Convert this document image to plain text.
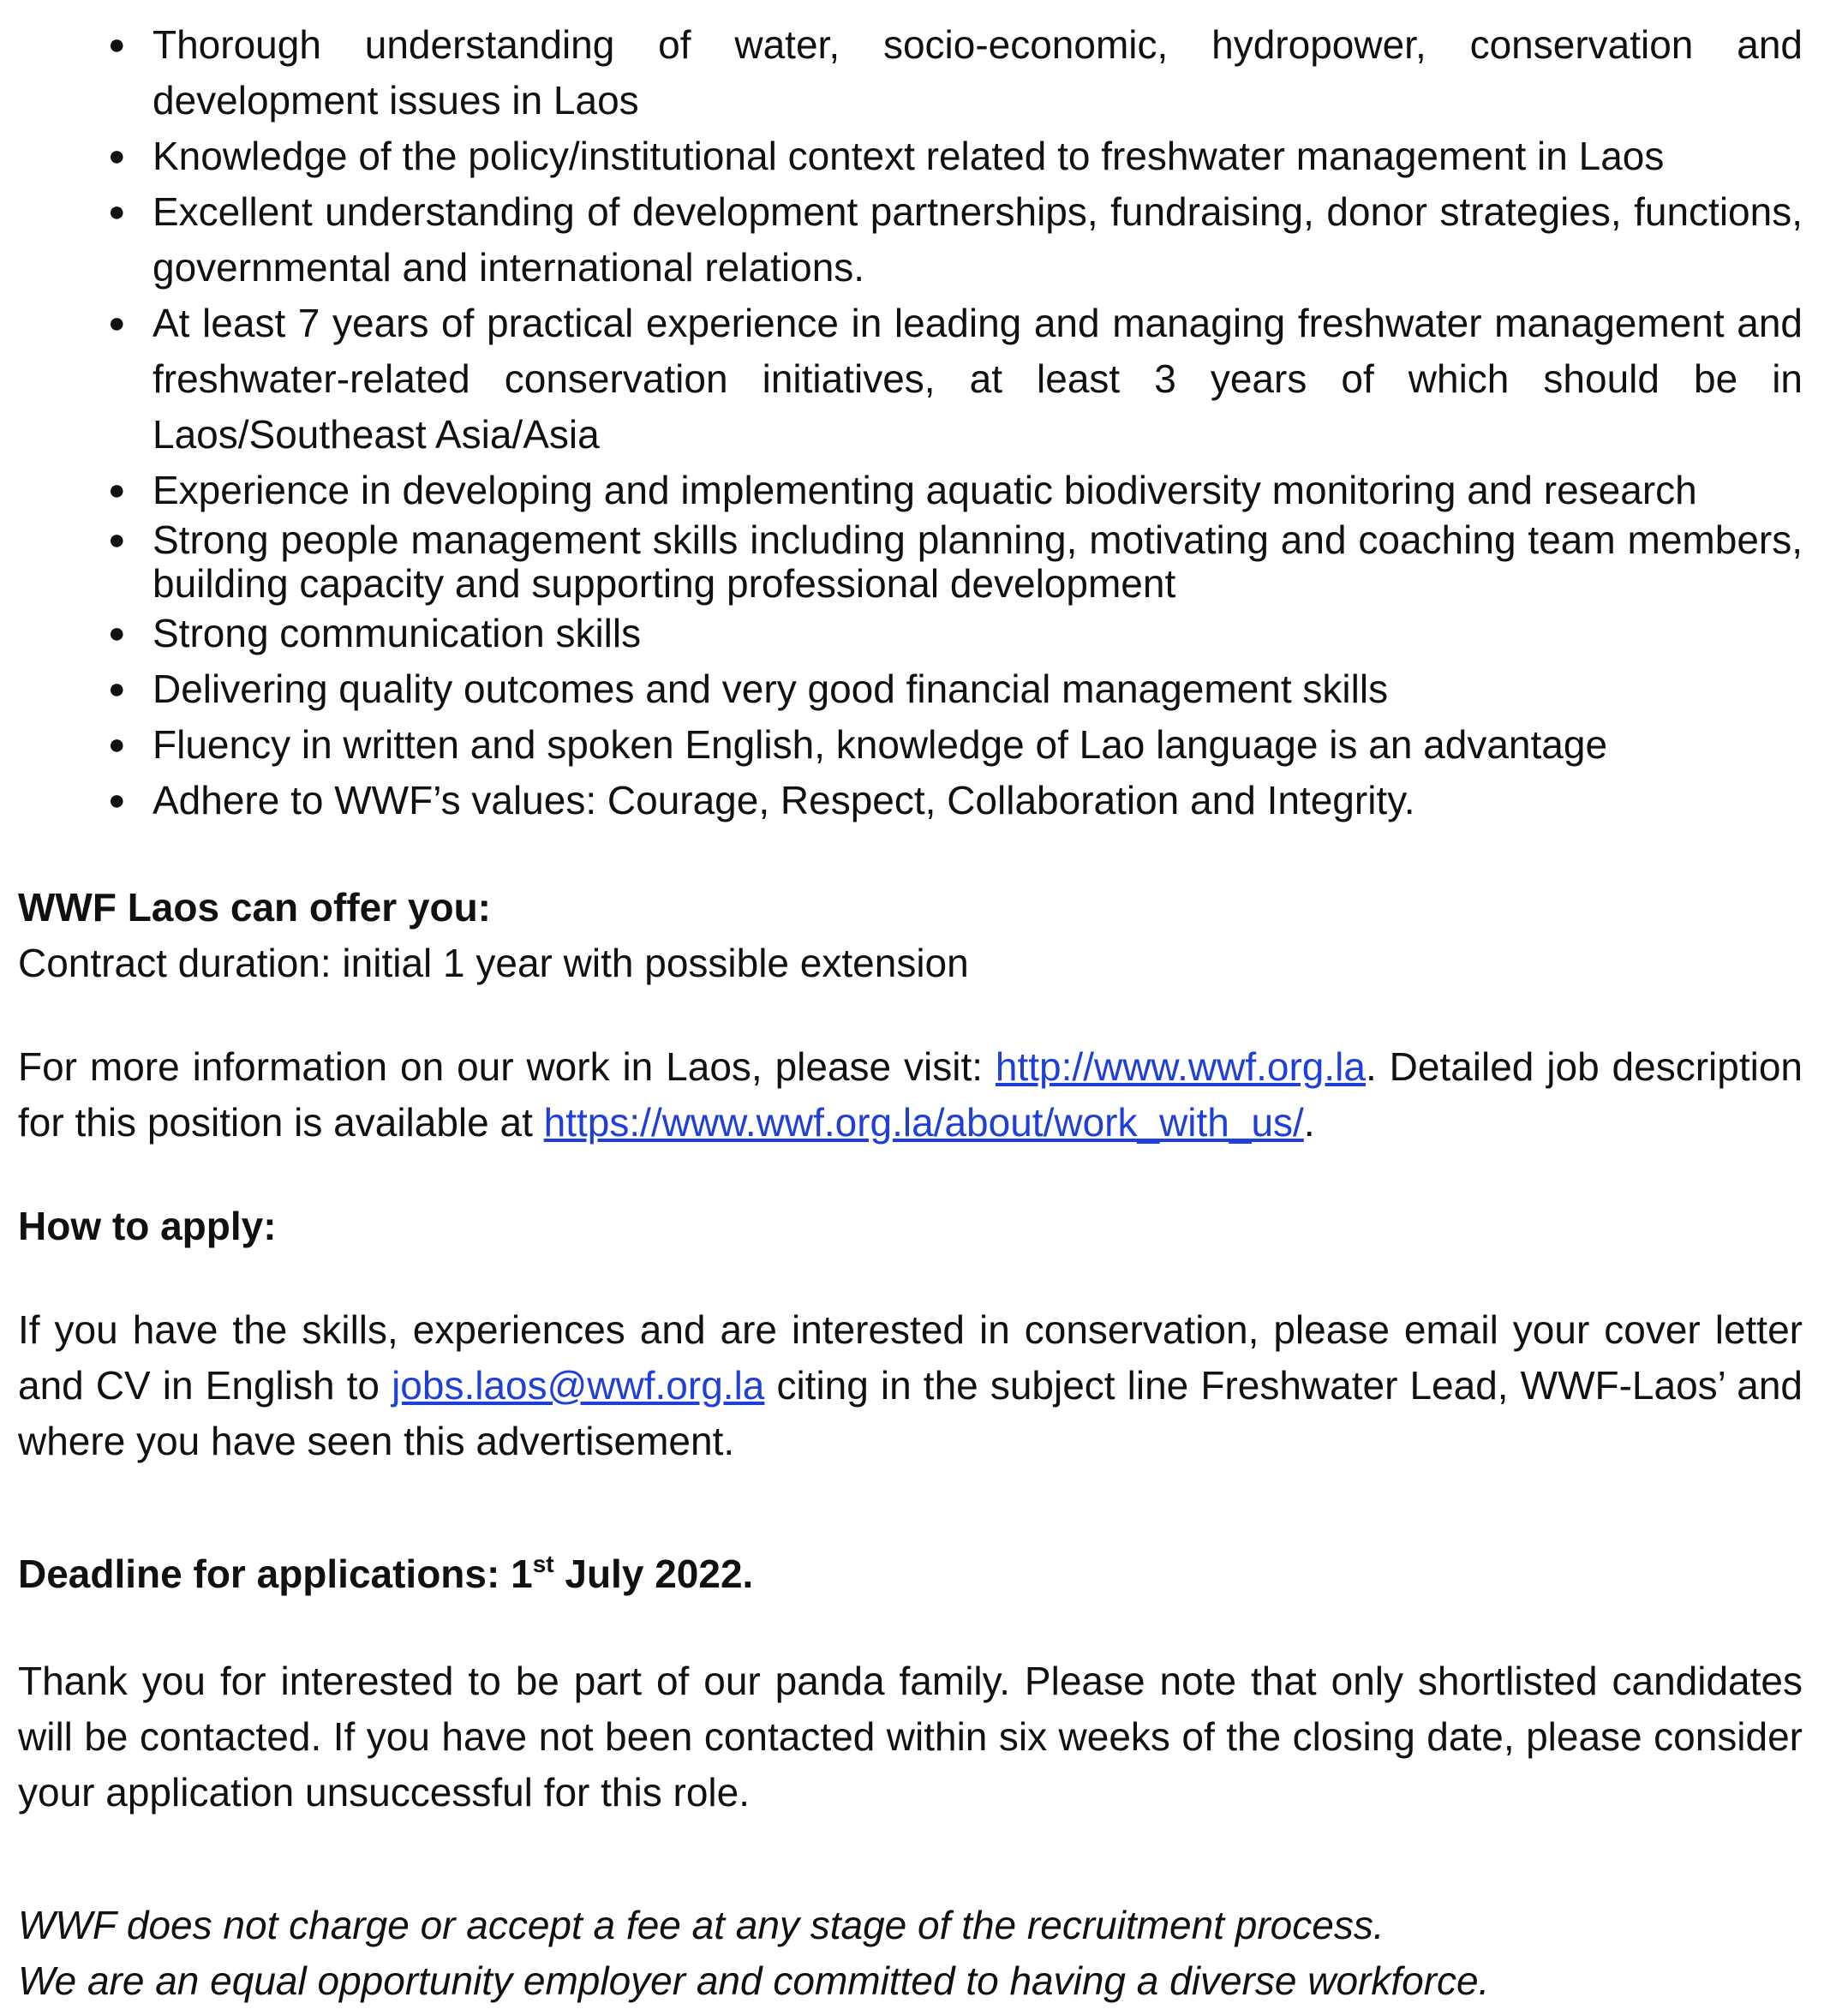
● Thorough understanding of water, socio-economic, hydropower, conservation and development issues in Laos
● Knowledge of the policy/institutional context related to freshwater management in Laos
● Excellent understanding of development partnerships, fundraising, donor strategies, functions, governmental and international relations.
● At least 7 years of practical experience in leading and managing freshwater management and freshwater-related conservation initiatives, at least 3 years of which should be in Laos/Southeast Asia/Asia
● Experience in developing and implementing aquatic biodiversity monitoring and research
● Strong people management skills including planning, motivating and coaching team members, building capacity and supporting professional development
● Strong communication skills
● Delivering quality outcomes and very good financial management skills
● Fluency in written and spoken English, knowledge of Lao language is an advantage
● Adhere to WWF’s values: Courage, Respect, Collaboration and Integrity.

WWF Laos can offer you:

Contract duration: initial 1 year with possible extension

For more information on our work in Laos, please visit: http://www.wwf.org.la. Detailed job description for this position is available at https://www.wwf.org.la/about/work_with_us/.

How to apply:

If you have the skills, experiences and are interested in conservation, please email your cover letter and CV in English to jobs.laos@wwf.org.la citing in the subject line Freshwater Lead, WWF-Laos’ and where you have seen this advertisement.

Deadline for applications: 1st July 2022.

Thank you for interested to be part of our panda family. Please note that only shortlisted candidates will be contacted. If you have not been contacted within six weeks of the closing date, please consider your application unsuccessful for this role.

WWF does not charge or accept a fee at any stage of the recruitment process.

We are an equal opportunity employer and committed to having a diverse workforce.
